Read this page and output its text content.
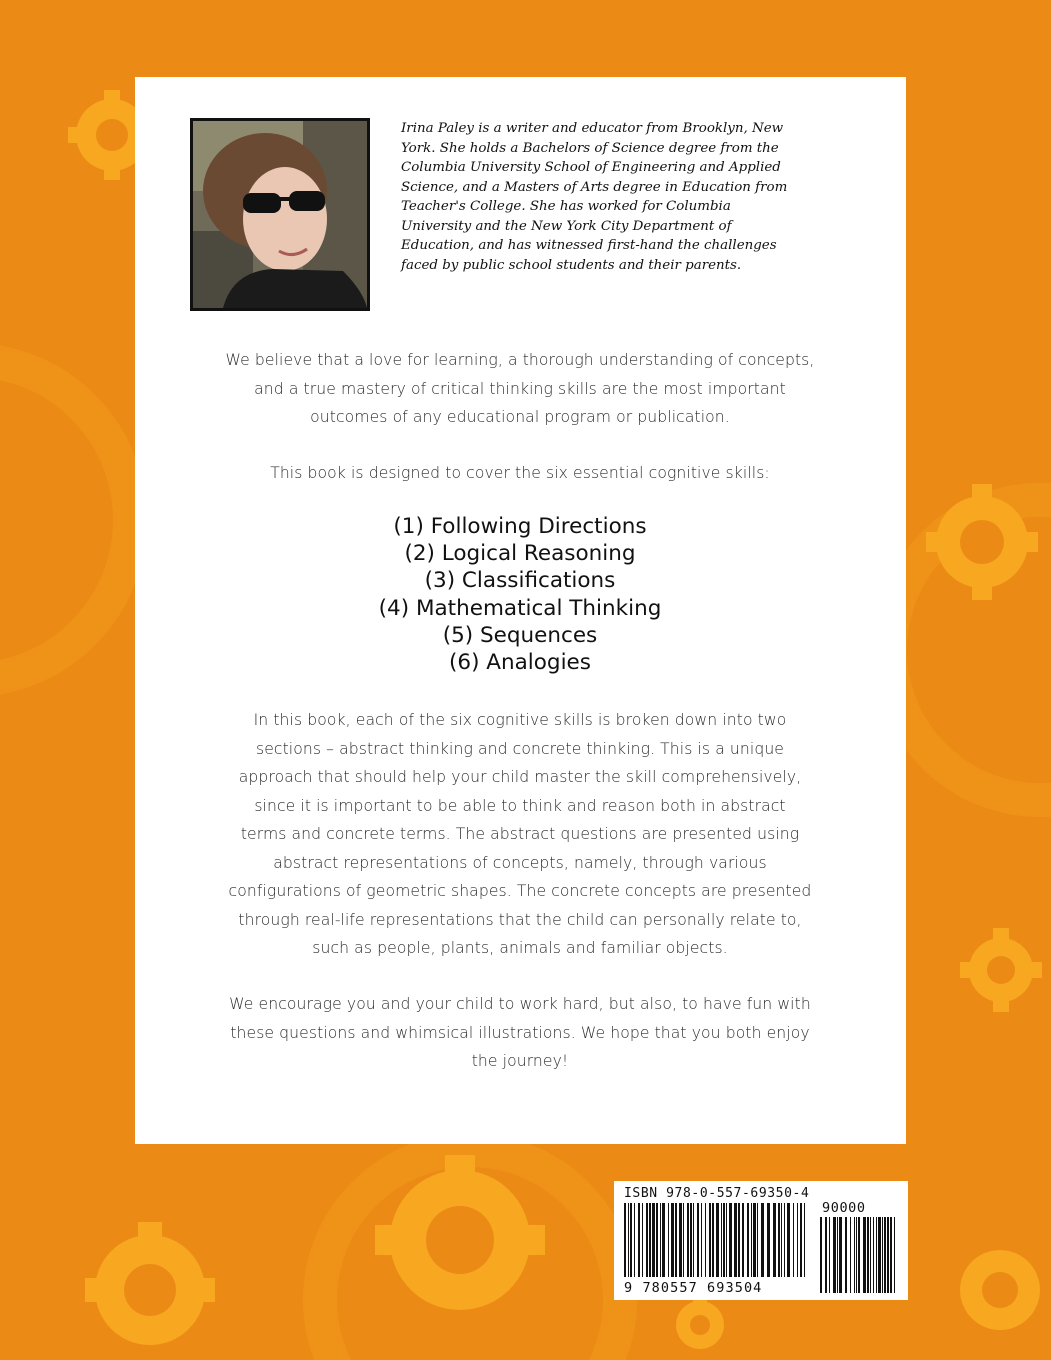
Irina Paley is a writer and educator from Brooklyn, New
York. She holds a Bachelors of Science degree from the
Columbia University School of Engineering and Applied
Science, and a Masters of Arts degree in Education from
Teacher's College. She has worked for Columbia
University and the New York City Department of
Education, and has witnessed first-hand the challenges
faced by public school students and their parents.
We believe that a love for learning, a thorough understanding of concepts,
and a true mastery of critical thinking skills are the most important
outcomes of any educational program or publication.
This book is designed to cover the six essential cognitive skills:
(1) Following Directions
(2) Logical Reasoning
(3) Classifications
(4) Mathematical Thinking
(5) Sequences
(6) Analogies
In this book, each of the six cognitive skills is broken down into two
sections – abstract thinking and concrete thinking. This is a unique
approach that should help your child master the skill comprehensively,
since it is important to be able to think and reason both in abstract
terms and concrete terms. The abstract questions are presented using
abstract representations of concepts, namely, through various
configurations of geometric shapes. The concrete concepts are presented
through real-life representations that the child can personally relate to,
such as people, plants, animals and familiar objects.
We encourage you and your child to work hard, but also, to have fun with
these questions and whimsical illustrations. We hope that you both enjoy
the journey!
ISBN 978-0-557-69350-4
90000
9 780557 693504
